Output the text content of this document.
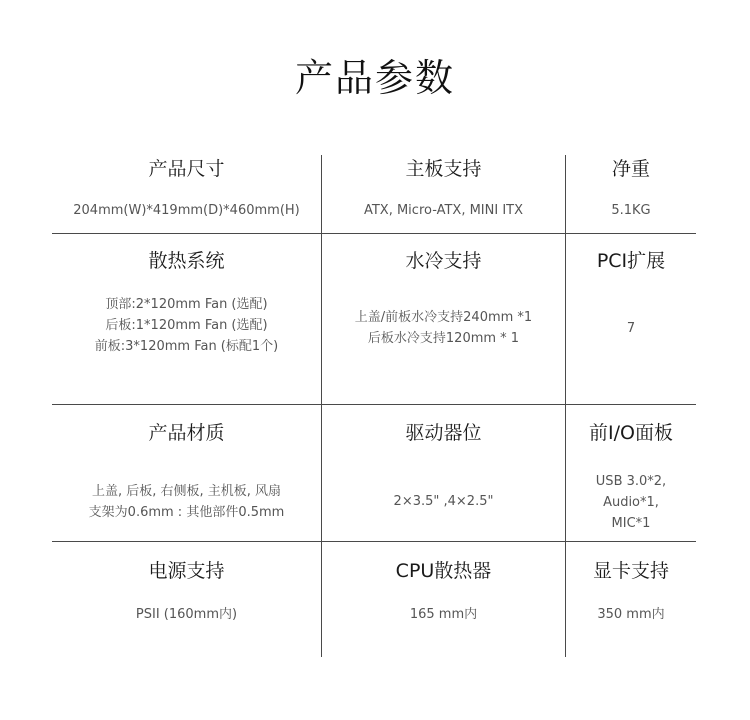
产品参数
产品尺寸
204mm(W)*419mm(D)*460mm(H)
主板支持
ATX, Micro-ATX, MINI ITX
净重
5.1KG
散热系统
顶部:2*120mm Fan (选配)
后板:1*120mm Fan (选配)
前板:3*120mm Fan (标配1个)
水冷支持
上盖/前板水冷支持240mm *1
后板水冷支持120mm * 1
PCI扩展
7
产品材质
上盖, 后板, 右侧板, 主机板, 风扇
支架为0.6mm : 其他部件0.5mm
驱动器位
2×3.5" ,4×2.5"
前I/O面板
USB 3.0*2,
Audio*1,
MIC*1
电源支持
PSII (160mm内)
CPU散热器
165 mm内
显卡支持
350 mm内
